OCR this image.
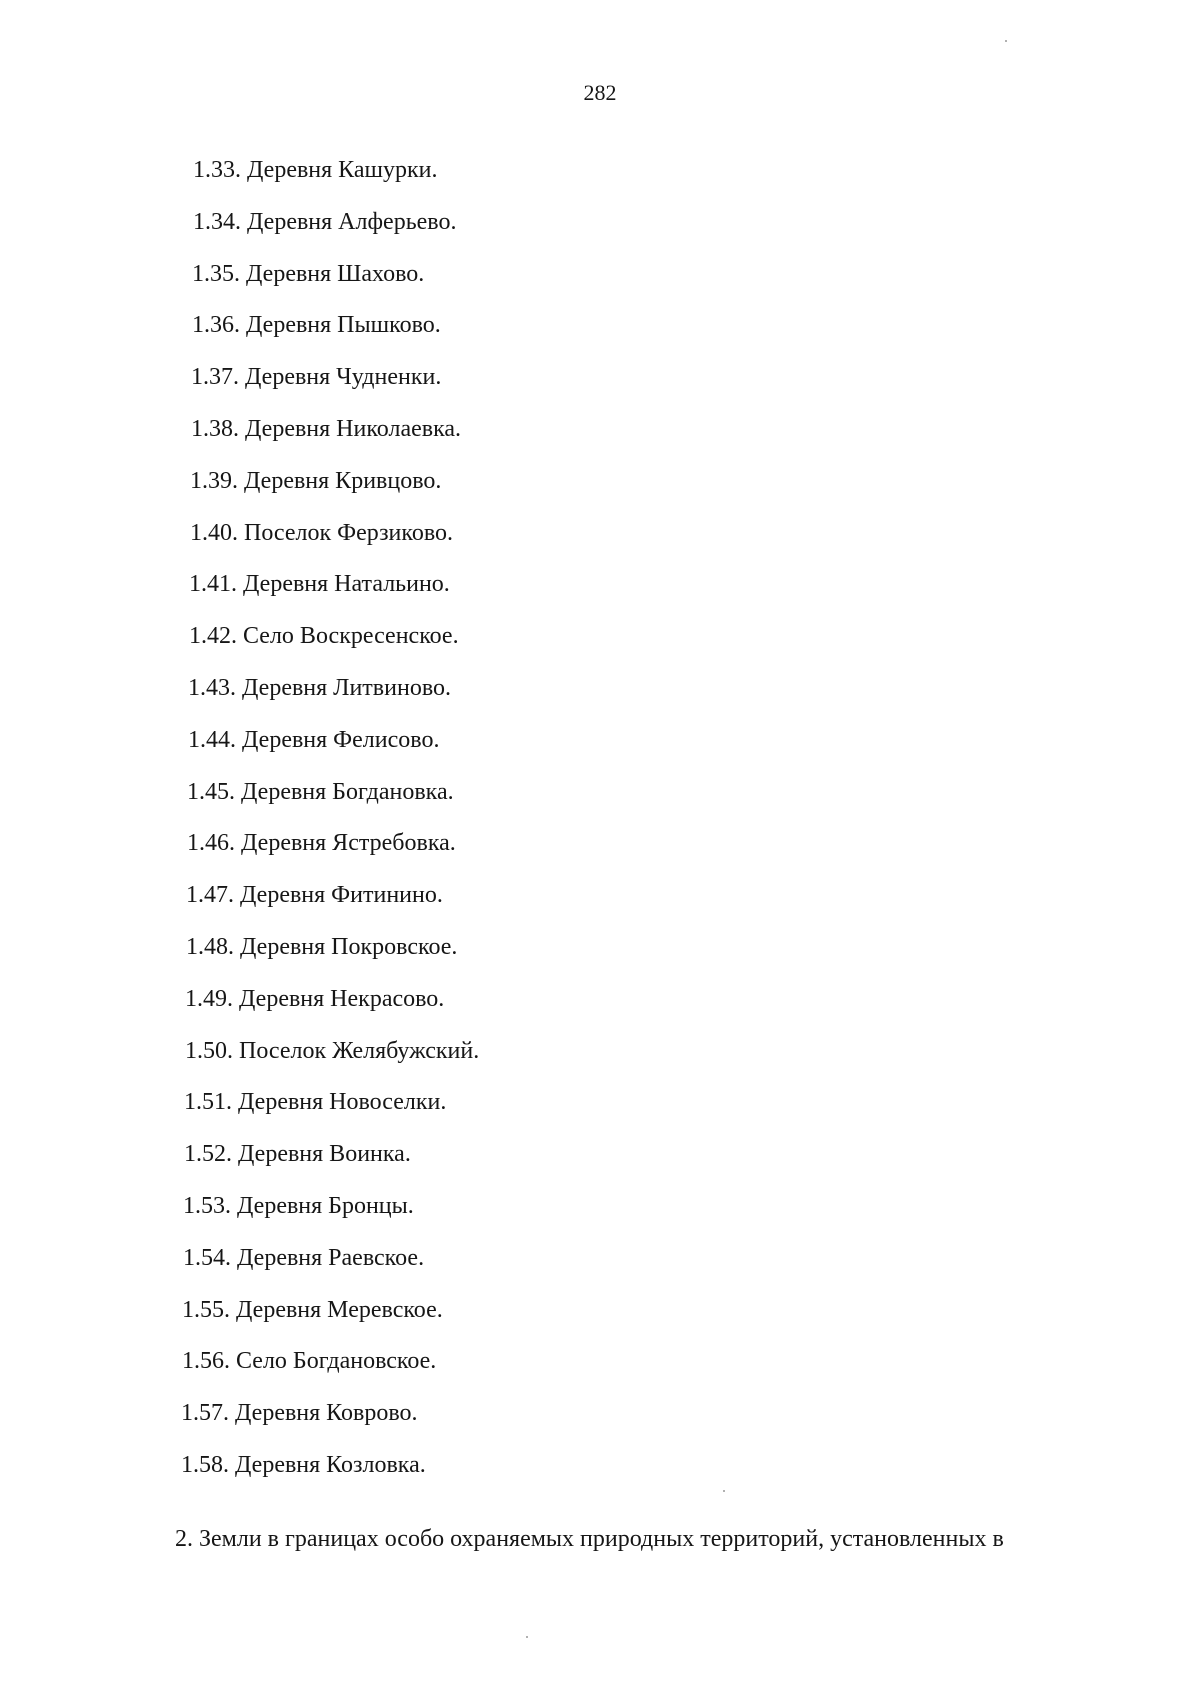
282
1.33. Деревня Кашурки.
1.34. Деревня Алферьево.
1.35. Деревня Шахово.
1.36. Деревня Пышково.
1.37. Деревня Чудненки.
1.38. Деревня Николаевка.
1.39. Деревня Кривцово.
1.40. Поселок Ферзиково.
1.41. Деревня Натальино.
1.42. Село Воскресенское.
1.43. Деревня Литвиново.
1.44. Деревня Фелисово.
1.45. Деревня Богдановка.
1.46. Деревня Ястребовка.
1.47. Деревня Фитинино.
1.48. Деревня Покровское.
1.49. Деревня Некрасово.
1.50. Поселок Желябужский.
1.51. Деревня Новоселки.
1.52. Деревня Воинка.
1.53. Деревня Бронцы.
1.54. Деревня Раевское.
1.55. Деревня Меревское.
1.56. Село Богдановское.
1.57. Деревня Коврово.
1.58. Деревня Козловка.
2. Земли в границах особо охраняемых природных территорий, установленных в
